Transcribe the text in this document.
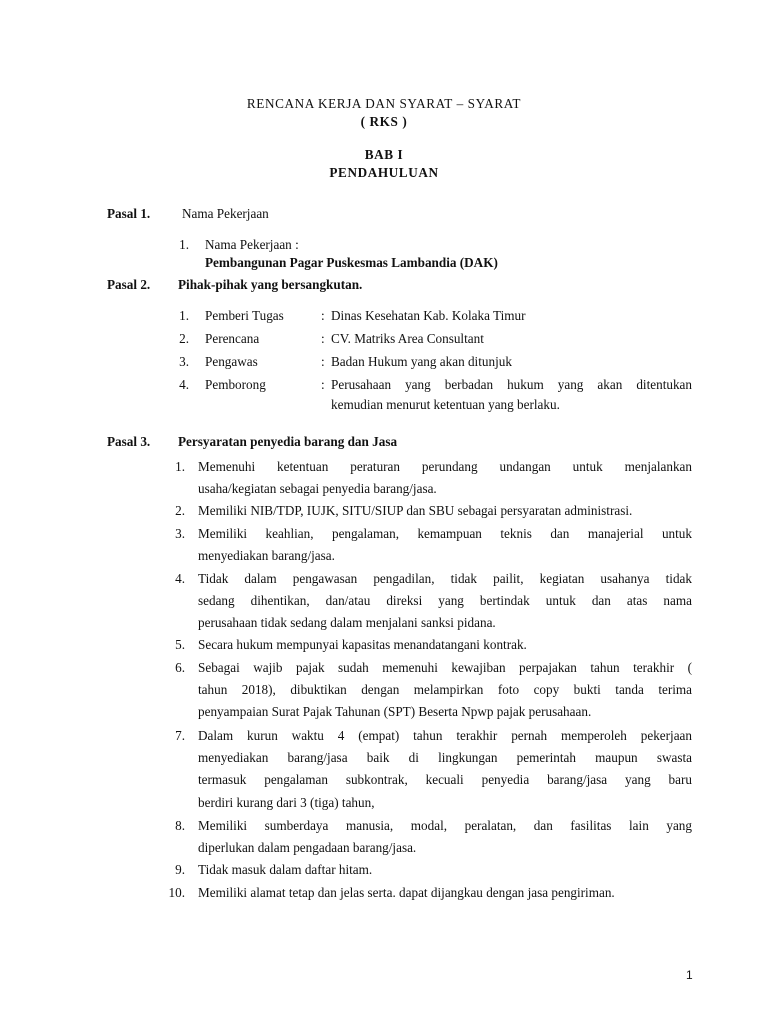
RENCANA KERJA DAN SYARAT – SYARAT
( RKS )
BAB I
PENDAHULUAN
Pasal 1. Nama Pekerjaan
1. Nama Pekerjaan :
Pembangunan Pagar Puskesmas Lambandia (DAK)
Pasal 2. Pihak-pihak yang bersangkutan.
1. Pemberi Tugas	: Dinas Kesehatan Kab. Kolaka Timur
2. Perencana	: CV. Matriks Area Consultant
3. Pengawas	: Badan Hukum yang akan ditunjuk
4. Pemborong	: Perusahaan yang berbadan hukum yang akan ditentukan
kemudian menurut ketentuan yang berlaku.
Pasal 3. Persyaratan penyedia barang dan Jasa
1. Memenuhi ketentuan peraturan perundang undangan untuk menjalankan
usaha/kegiatan sebagai penyedia barang/jasa.
2. Memiliki NIB/TDP, IUJK, SITU/SIUP dan SBU sebagai persyaratan administrasi.
3. Memiliki keahlian, pengalaman, kemampuan teknis dan manajerial untuk
menyediakan barang/jasa.
4. Tidak dalam pengawasan pengadilan, tidak pailit, kegiatan usahanya tidak
sedang dihentikan, dan/atau direksi yang bertindak untuk dan atas nama
perusahaan tidak sedang dalam menjalani sanksi pidana.
5. Secara hukum mempunyai kapasitas menandatangani kontrak.
6. Sebagai wajib pajak sudah memenuhi kewajiban perpajakan tahun terakhir (
tahun 2018), dibuktikan dengan melampirkan foto copy bukti tanda terima
penyampaian Surat Pajak Tahunan (SPT) Beserta Npwp pajak perusahaan.
7. Dalam kurun waktu 4 (empat) tahun terakhir pernah memperoleh pekerjaan
menyediakan barang/jasa baik di lingkungan pemerintah maupun swasta
termasuk pengalaman subkontrak, kecuali penyedia barang/jasa yang baru
berdiri kurang dari 3 (tiga) tahun,
8. Memiliki sumberdaya manusia, modal, peralatan, dan fasilitas lain yang
diperlukan dalam pengadaan barang/jasa.
9. Tidak masuk dalam daftar hitam.
10. Memiliki alamat tetap dan jelas serta. dapat dijangkau dengan jasa pengiriman.
1
